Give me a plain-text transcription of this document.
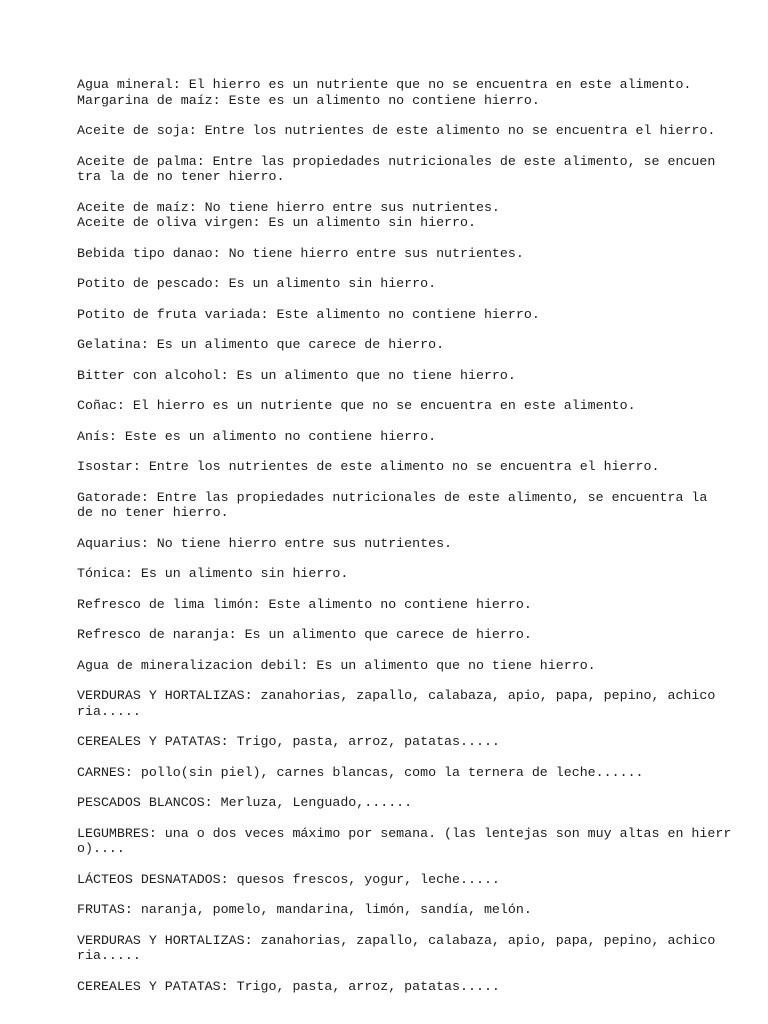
Agua mineral: El hierro es un nutriente que no se encuentra en este alimento.
Margarina de maíz: Este es un alimento no contiene hierro.
Aceite de soja: Entre los nutrientes de este alimento no se encuentra el hierro.
Aceite de palma: Entre las propiedades nutricionales de este alimento, se encuen
tra la de no tener hierro.
Aceite de maíz: No tiene hierro entre sus nutrientes.
Aceite de oliva virgen: Es un alimento sin hierro.
Bebida tipo danao: No tiene hierro entre sus nutrientes.
Potito de pescado: Es un alimento sin hierro.
Potito de fruta variada: Este alimento no contiene hierro.
Gelatina: Es un alimento que carece de hierro.
Bitter con alcohol: Es un alimento que no tiene hierro.
Coñac: El hierro es un nutriente que no se encuentra en este alimento.
Anís: Este es un alimento no contiene hierro.
Isostar: Entre los nutrientes de este alimento no se encuentra el hierro.
Gatorade: Entre las propiedades nutricionales de este alimento, se encuentra la
de no tener hierro.
Aquarius: No tiene hierro entre sus nutrientes.
Tónica: Es un alimento sin hierro.
Refresco de lima limón: Este alimento no contiene hierro.
Refresco de naranja: Es un alimento que carece de hierro.
Agua de mineralizacion debil: Es un alimento que no tiene hierro.
VERDURAS Y HORTALIZAS: zanahorias, zapallo, calabaza, apio, papa, pepino, achico
ria.....
CEREALES Y PATATAS: Trigo, pasta, arroz, patatas.....
CARNES: pollo(sin piel), carnes blancas, como la ternera de leche......
PESCADOS BLANCOS: Merluza, Lenguado,......
LEGUMBRES: una o dos veces máximo por semana. (las lentejas son muy altas en hierr
o)....
LÁCTEOS DESNATADOS: quesos frescos, yogur, leche.....
FRUTAS: naranja, pomelo, mandarina, limón, sandía, melón.
VERDURAS Y HORTALIZAS: zanahorias, zapallo, calabaza, apio, papa, pepino, achico
ria.....
CEREALES Y PATATAS: Trigo, pasta, arroz, patatas.....
